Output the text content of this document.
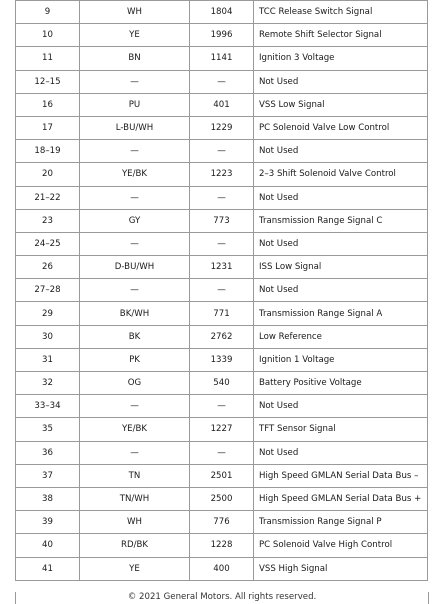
9	WH	1804	TCC Release Switch Signal
10	YE	1996	Remote Shift Selector Signal
11	BN	1141	Ignition 3 Voltage
12–15	—	—	Not Used
16	PU	401	VSS Low Signal
17	L-BU/WH	1229	PC Solenoid Valve Low Control
18–19	—	—	Not Used
20	YE/BK	1223	2–3 Shift Solenoid Valve Control
21–22	—	—	Not Used
23	GY	773	Transmission Range Signal C
24–25	—	—	Not Used
26	D-BU/WH	1231	ISS Low Signal
27–28	—	—	Not Used
29	BK/WH	771	Transmission Range Signal A
30	BK	2762	Low Reference
31	PK	1339	Ignition 1 Voltage
32	OG	540	Battery Positive Voltage
33–34	—	—	Not Used
35	YE/BK	1227	TFT Sensor Signal
36	—	—	Not Used
37	TN	2501	High Speed GMLAN Serial Data Bus –
38	TN/WH	2500	High Speed GMLAN Serial Data Bus +
39	WH	776	Transmission Range Signal P
40	RD/BK	1228	PC Solenoid Valve High Control
41	YE	400	VSS High Signal
© 2021 General Motors. All rights reserved.
